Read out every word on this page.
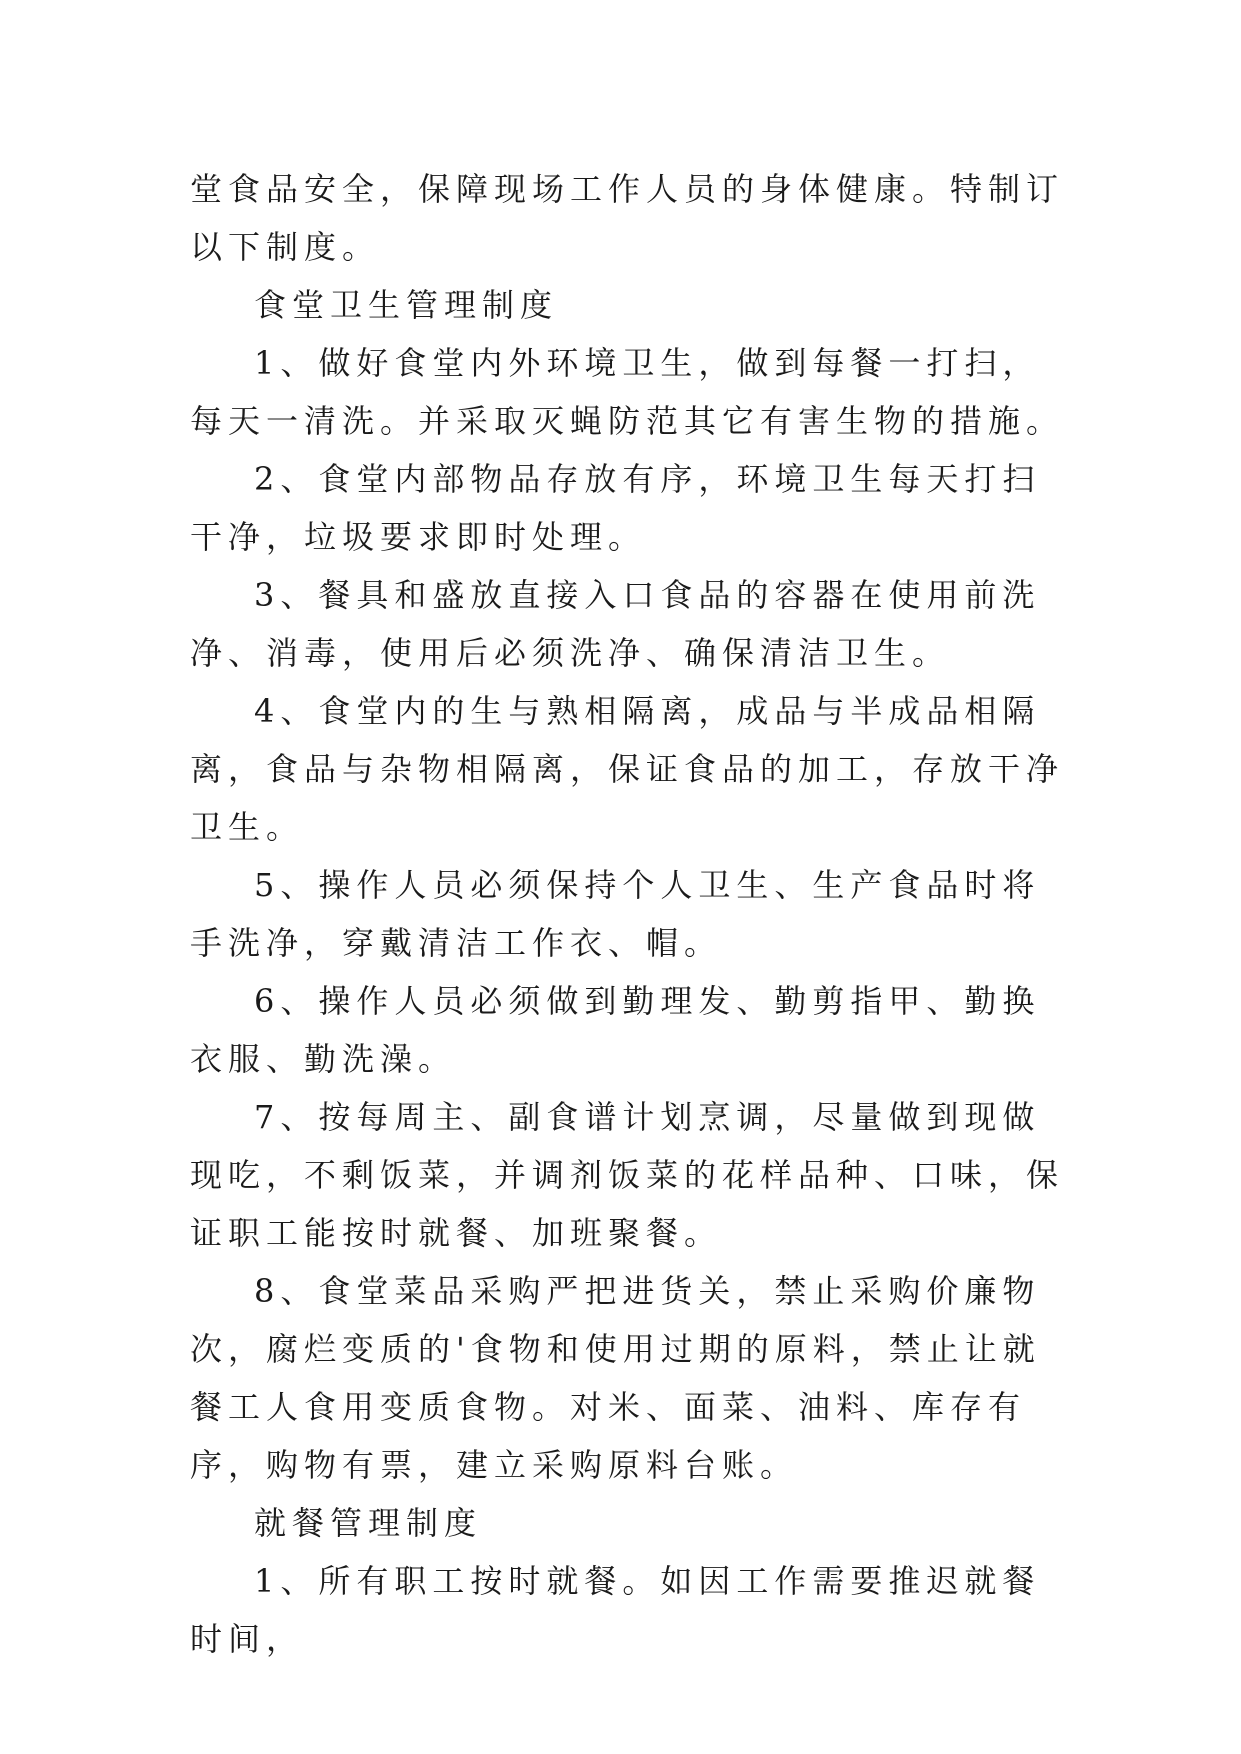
堂食品安全，保障现场工作人员的身体健康。特制订以下制度。

食堂卫生管理制度

1、做好食堂内外环境卫生，做到每餐一打扫，每天一清洗。并采取灭蝇防范其它有害生物的措施。

2、食堂内部物品存放有序，环境卫生每天打扫干净，垃圾要求即时处理。

3、餐具和盛放直接入口食品的容器在使用前洗净、消毒，使用后必须洗净、确保清洁卫生。

4、食堂内的生与熟相隔离，成品与半成品相隔离，食品与杂物相隔离，保证食品的加工，存放干净卫生。

5、操作人员必须保持个人卫生、生产食品时将手洗净，穿戴清洁工作衣、帽。

6、操作人员必须做到勤理发、勤剪指甲、勤换衣服、勤洗澡。

7、按每周主、副食谱计划烹调，尽量做到现做现吃，不剩饭菜，并调剂饭菜的花样品种、口味，保证职工能按时就餐、加班聚餐。

8、食堂菜品采购严把进货关，禁止采购价廉物次，腐烂变质的'食物和使用过期的原料，禁止让就餐工人食用变质食物。对米、面菜、油料、库存有序，购物有票，建立采购原料台账。

就餐管理制度

1、所有职工按时就餐。如因工作需要推迟就餐时间，
